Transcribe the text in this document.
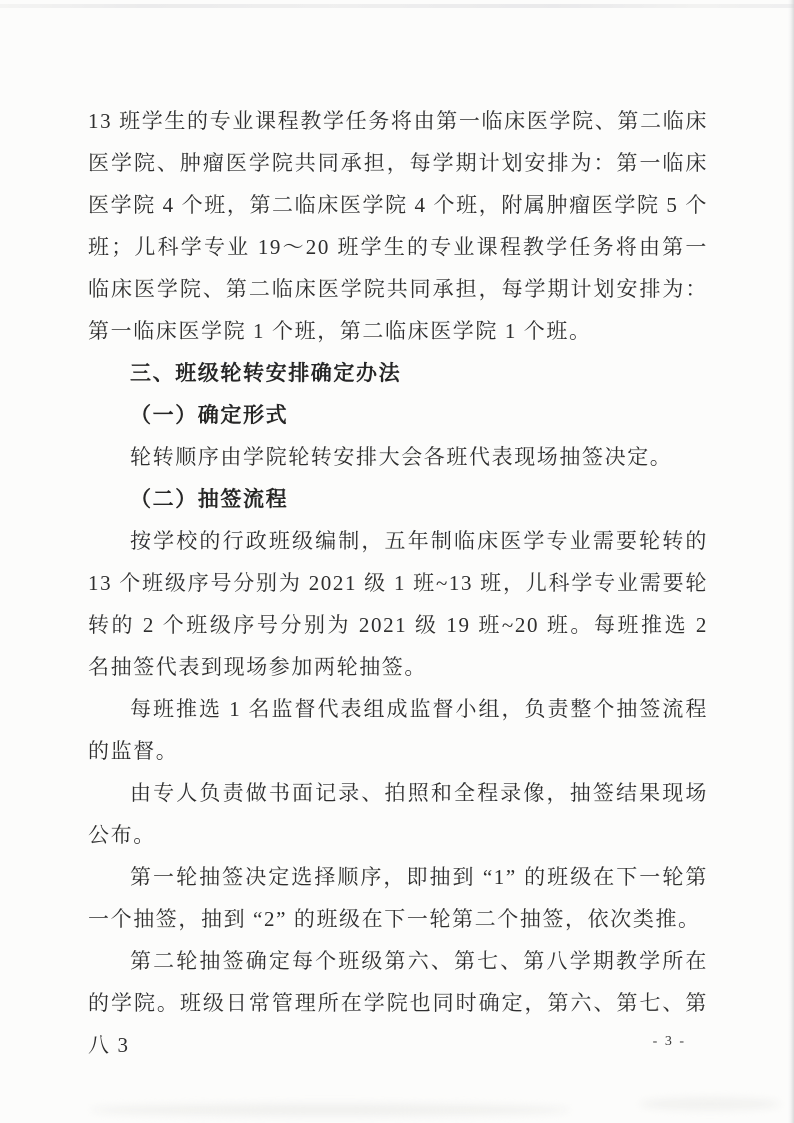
13 班学生的专业课程教学任务将由第一临床医学院、第二临床医学院、肿瘤医学院共同承担，每学期计划安排为：第一临床医学院 4 个班，第二临床医学院 4 个班，附属肿瘤医学院 5 个班；儿科学专业 19～20 班学生的专业课程教学任务将由第一临床医学院、第二临床医学院共同承担，每学期计划安排为：第一临床医学院 1 个班，第二临床医学院 1 个班。

三、班级轮转安排确定办法

（一）确定形式

轮转顺序由学院轮转安排大会各班代表现场抽签决定。

（二）抽签流程

按学校的行政班级编制，五年制临床医学专业需要轮转的 13 个班级序号分别为 2021 级 1 班~13 班，儿科学专业需要轮转的 2 个班级序号分别为 2021 级 19 班~20 班。每班推选 2 名抽签代表到现场参加两轮抽签。

每班推选 1 名监督代表组成监督小组，负责整个抽签流程的监督。

由专人负责做书面记录、拍照和全程录像，抽签结果现场公布。

第一轮抽签决定选择顺序，即抽到 “1” 的班级在下一轮第一个抽签，抽到 “2” 的班级在下一轮第二个抽签，依次类推。

第二轮抽签确定每个班级第六、第七、第八学期教学所在的学院。班级日常管理所在学院也同时确定，第六、第七、第八 3	- 3 -
